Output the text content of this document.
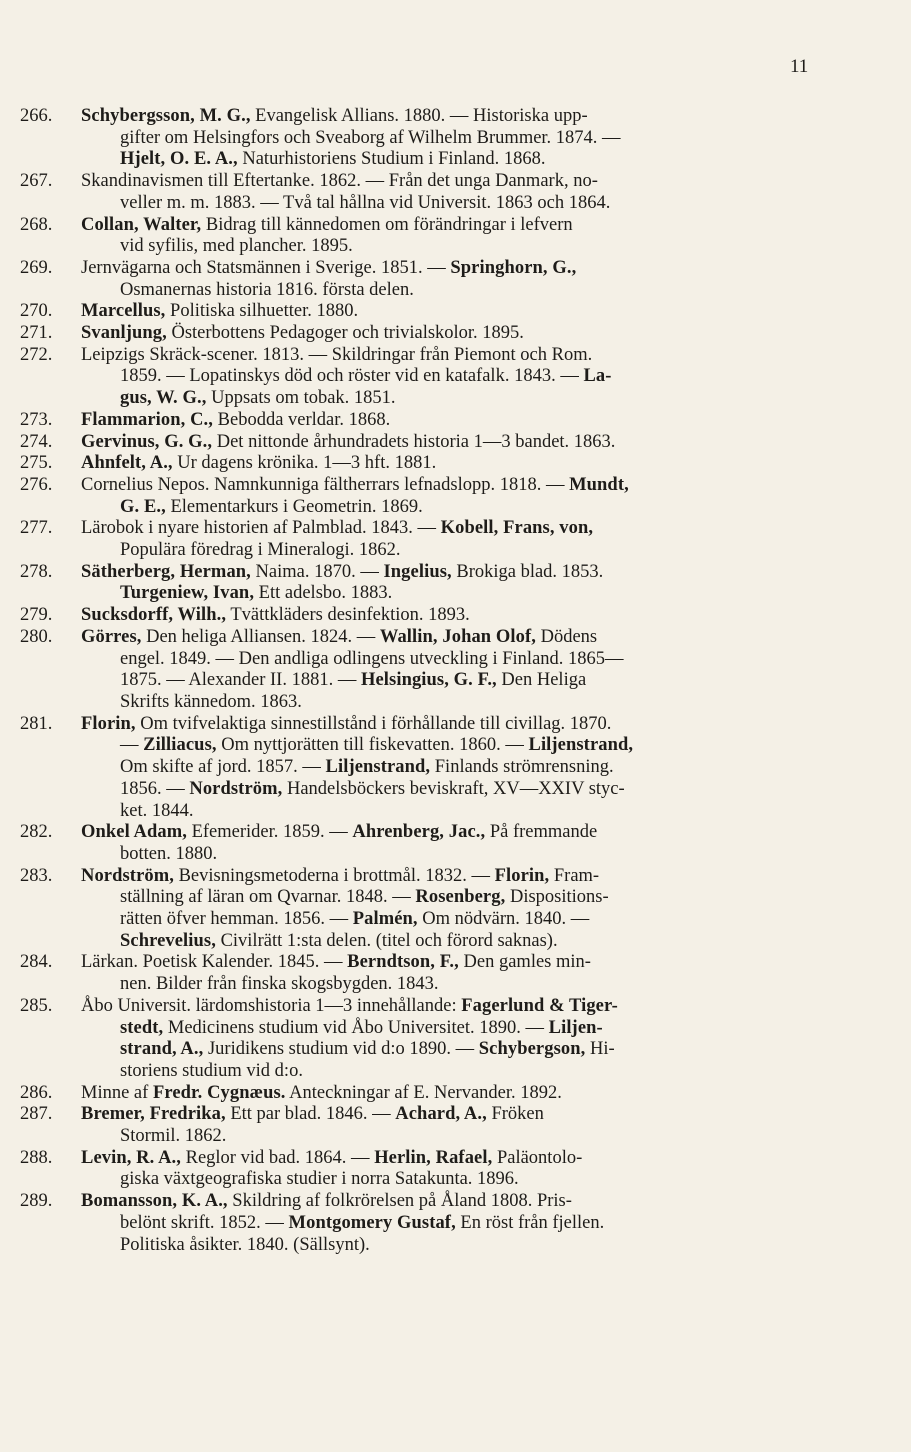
11
266. Schybergsson, M. G., Evangelisk Allians. 1880. — Historiska upp-
gifter om Helsingfors och Sveaborg af Wilhelm Brummer. 1874. —
Hjelt, O. E. A., Naturhistoriens Studium i Finland. 1868.
267. Skandinavismen till Eftertanke. 1862. — Från det unga Danmark, no-
veller m. m. 1883. — Två tal hållna vid Universit. 1863 och 1864.
268. Collan, Walter, Bidrag till kännedomen om förändringar i lefvern
vid syfilis, med plancher. 1895.
269. Jernvägarna och Statsmännen i Sverige. 1851. — Springhorn, G.,
Osmanernas historia 1816. första delen.
270. Marcellus, Politiska silhuetter. 1880.
271. Svanljung, Österbottens Pedagoger och trivialskolor. 1895.
272. Leipzigs Skräck-scener. 1813. — Skildringar från Piemont och Rom.
1859. — Lopatinskys död och röster vid en katafalk. 1843. — La-
gus, W. G., Uppsats om tobak. 1851.
273. Flammarion, C., Bebodda verldar. 1868.
274. Gervinus, G. G., Det nittonde århundradets historia 1—3 bandet. 1863.
275. Ahnfelt, A., Ur dagens krönika. 1—3 hft. 1881.
276. Cornelius Nepos. Namnkunniga fältherrars lefnadslopp. 1818. — Mundt,
G. E., Elementarkurs i Geometrin. 1869.
277. Lärobok i nyare historien af Palmblad. 1843. — Kobell, Frans, von,
Populära föredrag i Mineralogi. 1862.
278. Sätherberg, Herman, Naima. 1870. — Ingelius, Brokiga blad. 1853.
Turgeniew, Ivan, Ett adelsbo. 1883.
279. Sucksdorff, Wilh., Tvättkläders desinfektion. 1893.
280. Görres, Den heliga Alliansen. 1824. — Wallin, Johan Olof, Dödens
engel. 1849. — Den andliga odlingens utveckling i Finland. 1865—
1875. — Alexander II. 1881. — Helsingius, G. F., Den Heliga
Skrifts kännedom. 1863.
281. Florin, Om tvifvelaktiga sinnestillstånd i förhållande till civillag. 1870.
— Zilliacus, Om nyttjorätten till fiskevatten. 1860. — Liljenstrand,
Om skifte af jord. 1857. — Liljenstrand, Finlands strömrensning.
1856. — Nordström, Handelsböckers beviskraft, XV—XXIV styc-
ket. 1844.
282. Onkel Adam, Efemerider. 1859. — Ahrenberg, Jac., På fremmande
botten. 1880.
283. Nordström, Bevisningsmetoderna i brottmål. 1832. — Florin, Fram-
ställning af läran om Qvarnar. 1848. — Rosenberg, Dispositions-
rätten öfver hemman. 1856. — Palmén, Om nödvärn. 1840. —
Schrevelius, Civilrätt 1:sta delen. (titel och förord saknas).
284. Lärkan. Poetisk Kalender. 1845. — Berndtson, F., Den gamles min-
nen. Bilder från finska skogsbygden. 1843.
285. Åbo Universit. lärdomshistoria 1—3 innehållande: Fagerlund & Tiger-
stedt, Medicinens studium vid Åbo Universitet. 1890. — Liljen-
strand, A., Juridikens studium vid d:o 1890. — Schybergson, Hi-
storiens studium vid d:o.
286. Minne af Fredr. Cygnæus. Anteckningar af E. Nervander. 1892.
287. Bremer, Fredrika, Ett par blad. 1846. — Achard, A., Fröken
Stormil. 1862.
288. Levin, R. A., Reglor vid bad. 1864. — Herlin, Rafael, Paläontolo-
giska växtgeografiska studier i norra Satakunta. 1896.
289. Bomansson, K. A., Skildring af folkrörelsen på Åland 1808. Pris-
belönt skrift. 1852. — Montgomery Gustaf, En röst från fjellen.
Politiska åsikter. 1840. (Sällsynt).
